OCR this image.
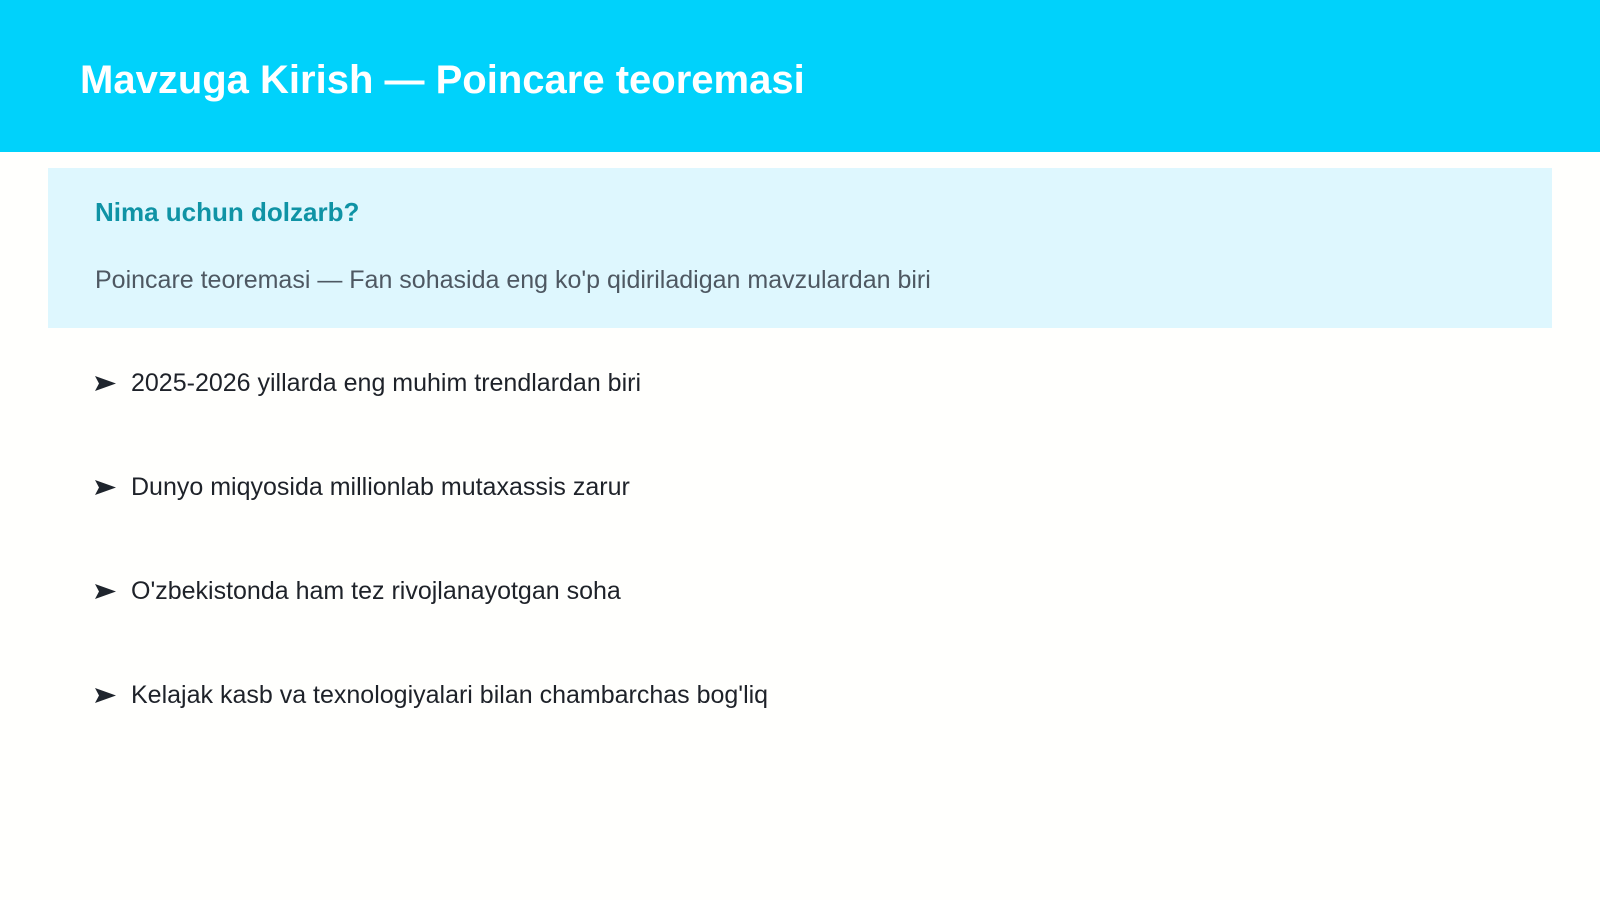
Mavzuga Kirish — Poincare teoremasi
Nima uchun dolzarb?

Poincare teoremasi — Fan sohasida eng ko'p qidiriladigan mavzulardan biri

2025-2026 yillarda eng muhim trendlardan biri
Dunyo miqyosida millionlab mutaxassis zarur
O'zbekistonda ham tez rivojlanayotgan soha
Kelajak kasb va texnologiyalari bilan chambarchas bog'liq
